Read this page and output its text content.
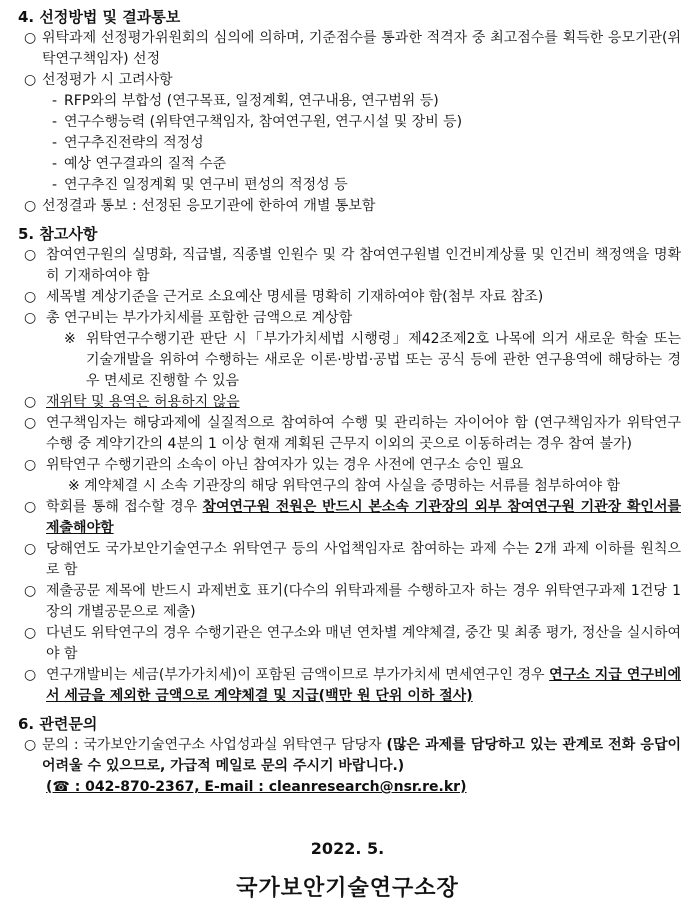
4. 선정방법 및 결과통보

○ 위탁과제 선정평가위원회의 심의에 의하며, 기준점수를 통과한 적격자 중 최고점수를 획득한 응모기관(위탁연구책임자) 선정

○ 선정평가 시 고려사항

- RFP와의 부합성 (연구목표, 일정계획, 연구내용, 연구범위 등)

- 연구수행능력 (위탁연구책임자, 참여연구원, 연구시설 및 장비 등)

- 연구추진전략의 적정성

- 예상 연구결과의 질적 수준

- 연구추진 일정계획 및 연구비 편성의 적정성 등

○ 선정결과 통보 : 선정된 응모기관에 한하여 개별 통보함

5. 참고사항

○ 참여연구원의 실명화, 직급별, 직종별 인원수 및 각 참여연구원별 인건비계상률 및 인건비 책정액을 명확히 기재하여야 함

○ 세목별 계상기준을 근거로 소요예산 명세를 명확히 기재하여야 함(첨부 자료 참조)

○ 총 연구비는 부가가치세를 포함한 금액으로 계상함

※ 위탁연구수행기관 판단 시「부가가치세법 시행령」제42조제2호 나목에 의거 새로운 학술 또는 기술개발을 위하여 수행하는 새로운 이론·방법·공법 또는 공식 등에 관한 연구용역에 해당하는 경우 면세로 진행할 수 있음

○ 재위탁 및 용역은 허용하지 않음

○ 연구책임자는 해당과제에 실질적으로 참여하여 수행 및 관리하는 자이어야 함 (연구책임자가 위탁연구 수행 중 계약기간의 4분의 1 이상 현재 계획된 근무지 이외의 곳으로 이동하려는 경우 참여 불가)

○ 위탁연구 수행기관의 소속이 아닌 참여자가 있는 경우 사전에 연구소 승인 필요

※ 계약체결 시 소속 기관장의 해당 위탁연구의 참여 사실을 증명하는 서류를 첨부하여야 함

○ 학회를 통해 접수할 경우 참여연구원 전원은 반드시 본소속 기관장의 외부 참여연구원 기관장 확인서를 제출해야함

○ 당해연도 국가보안기술연구소 위탁연구 등의 사업책임자로 참여하는 과제 수는 2개 과제 이하를 원칙으로 함

○ 제출공문 제목에 반드시 과제번호 표기(다수의 위탁과제를 수행하고자 하는 경우 위탁연구과제 1건당 1장의 개별공문으로 제출)

○ 다년도 위탁연구의 경우 수행기관은 연구소와 매년 연차별 계약체결, 중간 및 최종 평가, 정산을 실시하여야 함

○ 연구개발비는 세금(부가가치세)이 포함된 금액이므로 부가가치세 면세연구인 경우 연구소 지급 연구비에서 세금을 제외한 금액으로 계약체결 및 지급(백만 원 단위 이하 절사)

6. 관련문의

○ 문의 : 국가보안기술연구소 사업성과실 위탁연구 담당자 (많은 과제를 담당하고 있는 관계로 전화 응답이 어려울 수 있으므로, 가급적 메일로 문의 주시기 바랍니다.)

(☎ : 042-870-2367, E-mail : cleanresearch@nsr.re.kr)

2022. 5.
국가보안기술연구소장
